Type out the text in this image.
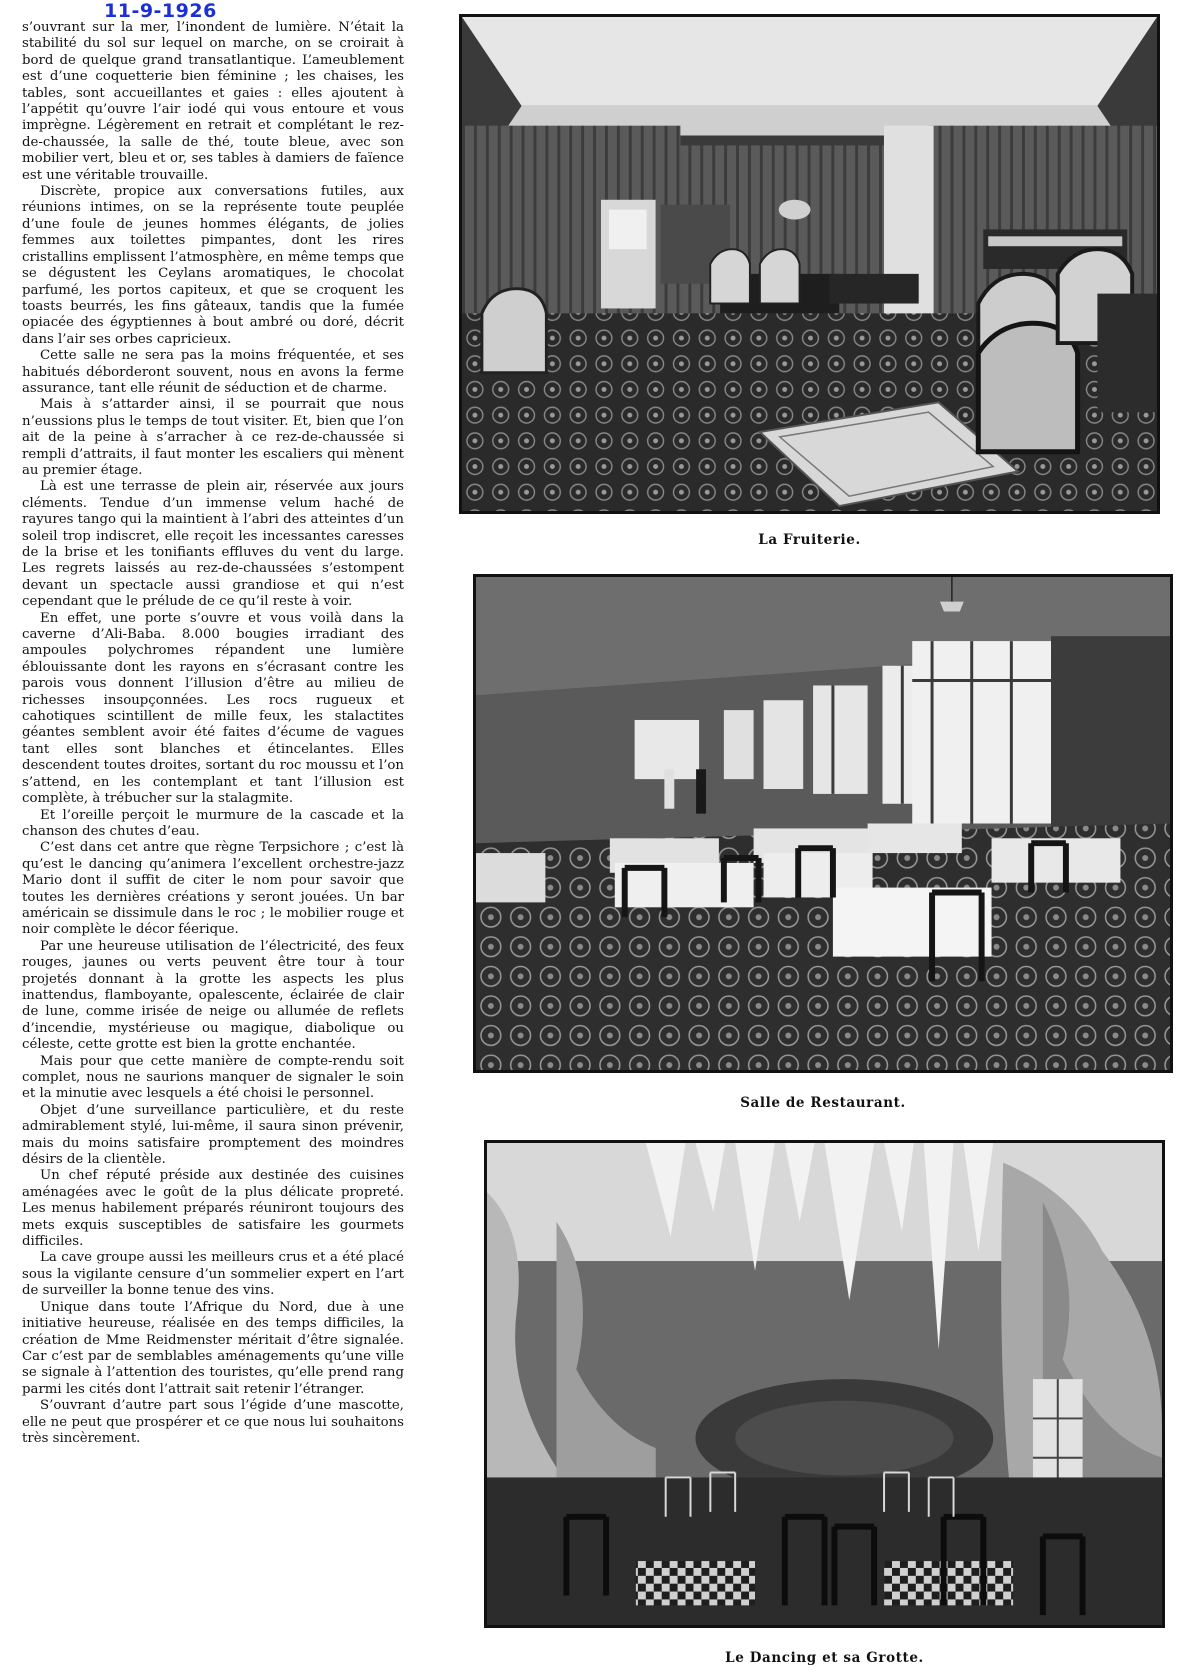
11-9-1926

s’ouvrant sur la mer, l’inondent de lumière. N’était la stabilité du sol sur lequel on marche, on se croirait à bord de quelque grand transatlantique. L’ameublement est d’une coquetterie bien féminine ; les chaises, les tables, sont accueillantes et gaies : elles ajoutent à l’appétit qu’ouvre l’air iodé qui vous entoure et vous imprègne. Légèrement en retrait et complétant le rez-de-chaussée, la salle de thé, toute bleue, avec son mobilier vert, bleu et or, ses tables à damiers de faïence est une véritable trouvaille.

Discrète, propice aux conversations futiles, aux réunions intimes, on se la représente toute peuplée d’une foule de jeunes hommes élégants, de jolies femmes aux toilettes pimpantes, dont les rires cristallins emplissent l’atmosphère, en même temps que se dégustent les Ceylans aromatiques, le chocolat parfumé, les portos capiteux, et que se croquent les toasts beurrés, les fins gâteaux, tandis que la fumée opiacée des égyptiennes à bout ambré ou doré, décrit dans l’air ses orbes capricieux.

Cette salle ne sera pas la moins fréquentée, et ses habitués déborderont souvent, nous en avons la ferme assurance, tant elle réunit de séduction et de charme.

Mais à s’attarder ainsi, il se pourrait que nous n’eussions plus le temps de tout visiter. Et, bien que l’on ait de la peine à s’arracher à ce rez-de-chaussée si rempli d’attraits, il faut monter les escaliers qui mènent au premier étage.

Là est une terrasse de plein air, réservée aux jours cléments. Tendue d’un immense velum haché de rayures tango qui la maintient à l’abri des atteintes d’un soleil trop indiscret, elle reçoit les incessantes caresses de la brise et les tonifiants effluves du vent du large. Les regrets laissés au rez-de-chaussées s’estompent devant un spectacle aussi grandiose et qui n’est cependant que le prélude de ce qu’il reste à voir.

En effet, une porte s’ouvre et vous voilà dans la caverne d’Ali-Baba. 8.000 bougies irradiant des ampoules polychromes répandent une lumière éblouissante dont les rayons en s’écrasant contre les parois vous donnent l’illusion d’être au milieu de richesses insoupçonnées. Les rocs rugueux et cahotiques scintillent de mille feux, les stalactites géantes semblent avoir été faites d’écume de vagues tant elles sont blanches et étincelantes. Elles descendent toutes droites, sortant du roc moussu et l’on s’attend, en les contemplant et tant l’illusion est complète, à trébucher sur la stalagmite.

Et l’oreille perçoit le murmure de la cascade et la chanson des chutes d’eau.

C’est dans cet antre que règne Terpsichore ; c’est là qu’est le dancing qu’animera l’excellent orchestre-jazz Mario dont il suffit de citer le nom pour savoir que toutes les dernières créations y seront jouées. Un bar américain se dissimule dans le roc ; le mobilier rouge et noir complète le décor féerique.

Par une heureuse utilisation de l’électricité, des feux rouges, jaunes ou verts peuvent être tour à tour projetés donnant à la grotte les aspects les plus inattendus, flamboyante, opalescente, éclairée de clair de lune, comme irisée de neige ou allumée de reflets d’incendie, mystérieuse ou magique, diabolique ou céleste, cette grotte est bien la grotte enchantée.

Mais pour que cette manière de compte-rendu soit complet, nous ne saurions manquer de signaler le soin et la minutie avec lesquels a été choisi le personnel.

Objet d’une surveillance particulière, et du reste admirablement stylé, lui-même, il saura sinon prévenir, mais du moins satisfaire promptement des moindres désirs de la clientèle.

Un chef réputé préside aux destinée des cuisines aménagées avec le goût de la plus délicate propreté. Les menus habilement préparés réuniront toujours des mets exquis susceptibles de satisfaire les gourmets difficiles.

La cave groupe aussi les meilleurs crus et a été placé sous la vigilante censure d’un sommelier expert en l’art de surveiller la bonne tenue des vins.

Unique dans toute l’Afrique du Nord, due à une initiative heureuse, réalisée en des temps difficiles, la création de Mme Reidmenster méritait d’être signalée. Car c’est par de semblables aménagements qu’une ville se signale à l’attention des touristes, qu’elle prend rang parmi les cités dont l’attrait sait retenir l’étranger.

S’ouvrant d’autre part sous l’égide d’une mascotte, elle ne peut que prospérer et ce que nous lui souhaitons très sincèrement.

La Fruiterie.
Salle de Restaurant.
Le Dancing et sa Grotte.
